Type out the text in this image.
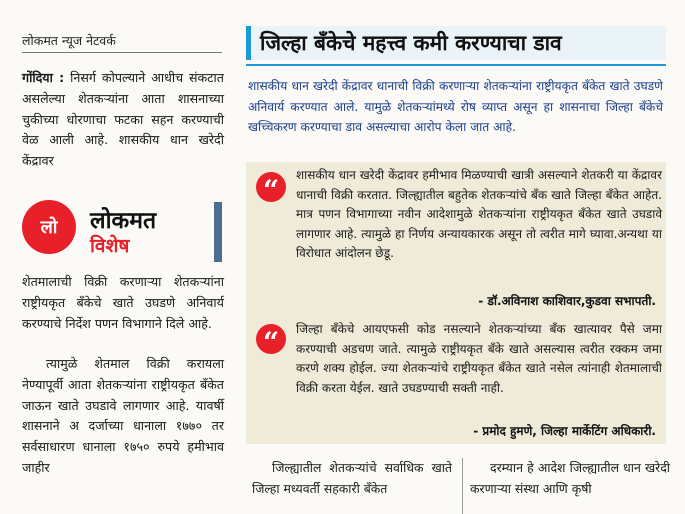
लोकमत न्यूज नेटवर्क
गोंदिया : निसर्ग कोपल्याने आधीच संकटात असलेल्या शेतकऱ्यांना आता शासनाच्या चुकीच्या धोरणाचा फटका सहन करण्याची वेळ आली आहे. शासकीय धान खरेदी केंद्रावर
लो लोकमत
विशेष
शेतमालाची विक्री करणाऱ्या शेतकऱ्यांना राष्ट्रीयकृत बँकेचे खाते उघडणे अनिवार्य करण्याचे निर्देश पणन विभागाने दिले आहे.
त्यामुळे शेतमाल विक्री करायला नेण्यापूर्वी आता शेतकऱ्यांना राष्ट्रीयकृत बँकेत जाऊन खाते उघडावे लागणार आहे. यावर्षी शासनाने अ दर्जाच्या धानाला १७७० तर सर्वसाधारण धानाला १७५० रुपये हमीभाव जाहीर
जिल्हा बँकेचे महत्त्व कमी करण्याचा डाव
शासकीय धान खरेदी केंद्रावर धानाची विक्री करणाऱ्या शेतकऱ्यांना राष्ट्रीयकृत बँकेत खाते उघडणे अनिवार्य करण्यात आले. यामुळे शेतकऱ्यांमध्ये रोष व्याप्त असून हा शासनाचा जिल्हा बँकेचे खच्चिकरण करण्याचा डाव असल्याचा आरोप केला जात आहे.
“	शासकीय धान खरेदी केंद्रावर हमीभाव मिळण्याची खात्री असल्याने शेतकरी या केंद्रावर धानाची विक्री करतात. जिल्ह्यातील बहुतेक शेतकऱ्यांचे बँक खाते जिल्हा बँकेत आहेत. मात्र पणन विभागाच्या नवीन आदेशामुळे शेतकऱ्यांना राष्ट्रीयकृत बँकेत खाते उघडावे लागणार आहे. त्यामुळे हा निर्णय अन्यायकारक असून तो त्वरीत मागे घ्यावा.अन्यथा या विरोधात आंदोलन छेडू.
- डॉ.अविनाश काशिवार,कुडवा सभापती.
“	जिल्हा बँकेचे आयएफसी कोड नसल्याने शेतकऱ्यांच्या बँक खात्यावर पैसे जमा करण्याची अडचण जाते. त्यामुळे राष्ट्रीयकृत बँके खाते असल्यास त्वरीत रक्कम जमा करणे शक्य होईल. ज्या शेतकऱ्यांचे राष्ट्रीयकृत बँकेत खाते नसेल त्यांनाही शेतमालाची विक्री करता येईल. खाते उघडण्याची सक्ती नाही.
- प्रमोद हुमणे, जिल्हा मार्केटिंग अधिकारी.
जिल्ह्यातील शेतकऱ्यांचे सर्वाधिक खाते जिल्हा मध्यवर्ती सहकारी बँकेत
दरम्यान हे आदेश जिल्ह्यातील धान खरेदी करणाऱ्या संस्था आणि कृषी
